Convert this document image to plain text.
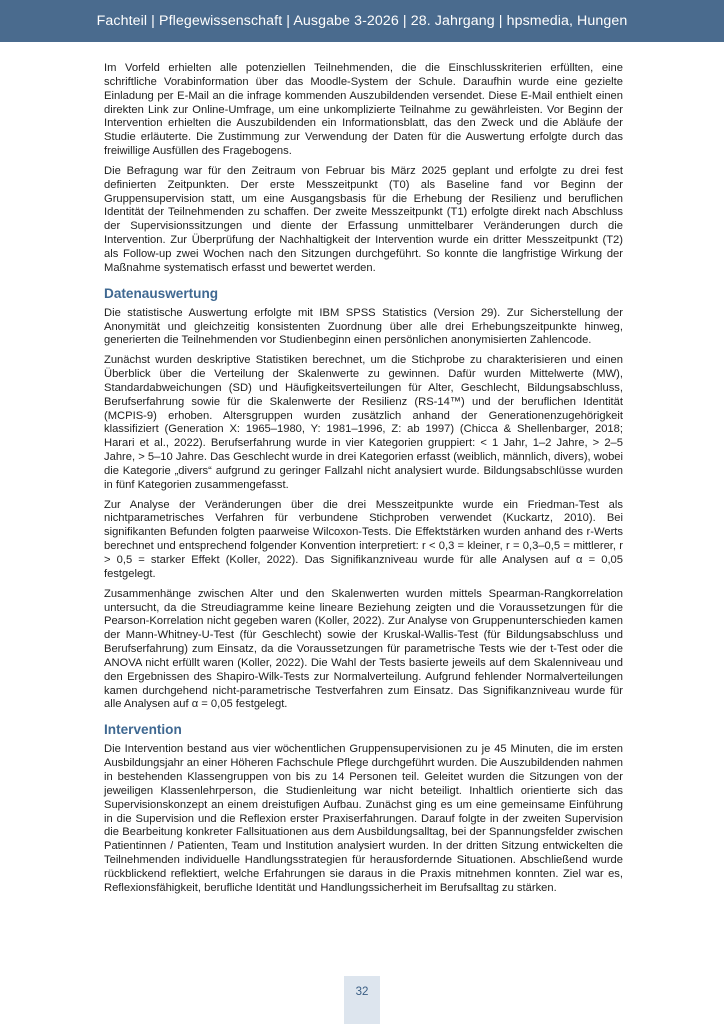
Fachteil | Pflegewissenschaft | Ausgabe 3-2026 | 28. Jahrgang | hpsmedia, Hungen

Im Vorfeld erhielten alle potenziellen Teilnehmenden, die die Einschlusskriterien erfüllten, eine schriftliche Vorabinformation über das Moodle-System der Schule. Daraufhin wurde eine gezielte Einladung per E-Mail an die infrage kommenden Auszubildenden versendet. Diese E-Mail enthielt einen direkten Link zur Online-Umfrage, um eine unkomplizierte Teilnahme zu gewährleisten. Vor Beginn der Intervention erhielten die Auszubildenden ein Informationsblatt, das den Zweck und die Abläufe der Studie erläuterte. Die Zustimmung zur Verwendung der Daten für die Auswertung erfolgte durch das freiwillige Ausfüllen des Fragebogens.

Die Befragung war für den Zeitraum von Februar bis März 2025 geplant und erfolgte zu drei fest definierten Zeitpunkten. Der erste Messzeitpunkt (T0) als Baseline fand vor Beginn der Gruppensupervision statt, um eine Ausgangsbasis für die Erhebung der Resilienz und beruflichen Identität der Teilnehmenden zu schaffen. Der zweite Messzeitpunkt (T1) erfolgte direkt nach Abschluss der Supervisionssitzungen und diente der Erfassung unmittelbarer Veränderungen durch die Intervention. Zur Überprüfung der Nachhaltigkeit der Intervention wurde ein dritter Messzeitpunkt (T2) als Follow-up zwei Wochen nach den Sitzungen durchgeführt. So konnte die langfristige Wirkung der Maßnahme systematisch erfasst und bewertet werden.

Datenauswertung

Die statistische Auswertung erfolgte mit IBM SPSS Statistics (Version 29). Zur Sicherstellung der Anonymität und gleichzeitig konsistenten Zuordnung über alle drei Erhebungszeitpunkte hinweg, generierten die Teilnehmenden vor Studienbeginn einen persönlichen anonymisierten Zahlencode.

Zunächst wurden deskriptive Statistiken berechnet, um die Stichprobe zu charakterisieren und einen Überblick über die Verteilung der Skalenwerte zu gewinnen. Dafür wurden Mittelwerte (MW), Standardabweichungen (SD) und Häufigkeitsverteilungen für Alter, Geschlecht, Bildungsabschluss, Berufserfahrung sowie für die Skalenwerte der Resilienz (RS-14™) und der beruflichen Identität (MCPIS-9) erhoben. Altersgruppen wurden zusätzlich anhand der Generationenzugehörigkeit klassifiziert (Generation X: 1965–1980, Y: 1981–1996, Z: ab 1997) (Chicca & Shellenbarger, 2018; Harari et al., 2022). Berufserfahrung wurde in vier Kategorien gruppiert: < 1 Jahr, 1–2 Jahre, > 2–5 Jahre, > 5–10 Jahre. Das Geschlecht wurde in drei Kategorien erfasst (weiblich, männlich, divers), wobei die Kategorie „divers“ aufgrund zu geringer Fallzahl nicht analysiert wurde. Bildungsabschlüsse wurden in fünf Kategorien zusammengefasst.

Zur Analyse der Veränderungen über die drei Messzeitpunkte wurde ein Friedman-Test als nichtparametrisches Verfahren für verbundene Stichproben verwendet (Kuckartz, 2010). Bei signifikanten Befunden folgten paarweise Wilcoxon-Tests. Die Effektstärken wurden anhand des r-Werts berechnet und entsprechend folgender Konvention interpretiert: r < 0,3 = kleiner, r = 0,3–0,5 = mittlerer, r > 0,5 = starker Effekt (Koller, 2022). Das Signifikanzniveau wurde für alle Analysen auf α = 0,05 festgelegt.

Zusammenhänge zwischen Alter und den Skalenwerten wurden mittels Spearman-Rangkorrelation untersucht, da die Streudiagramme keine lineare Beziehung zeigten und die Voraussetzungen für die Pearson-Korrelation nicht gegeben waren (Koller, 2022). Zur Analyse von Gruppenunterschieden kamen der Mann-Whitney-U-Test (für Geschlecht) sowie der Kruskal-Wallis-Test (für Bildungsabschluss und Berufserfahrung) zum Einsatz, da die Voraussetzungen für parametrische Tests wie der t-Test oder die ANOVA nicht erfüllt waren (Koller, 2022). Die Wahl der Tests basierte jeweils auf dem Skalenniveau und den Ergebnissen des Shapiro-Wilk-Tests zur Normalverteilung. Aufgrund fehlender Normalverteilungen kamen durchgehend nicht-parametrische Testverfahren zum Einsatz. Das Signifikanzniveau wurde für alle Analysen auf α = 0,05 festgelegt.

Intervention

Die Intervention bestand aus vier wöchentlichen Gruppensupervisionen zu je 45 Minuten, die im ersten Ausbildungsjahr an einer Höheren Fachschule Pflege durchgeführt wurden. Die Auszubildenden nahmen in bestehenden Klassengruppen von bis zu 14 Personen teil. Geleitet wurden die Sitzungen von der jeweiligen Klassenlehrperson, die Studienleitung war nicht beteiligt. Inhaltlich orientierte sich das Supervisionskonzept an einem dreistufigen Aufbau. Zunächst ging es um eine gemeinsame Einführung in die Supervision und die Reflexion erster Praxiserfahrungen. Darauf folgte in der zweiten Supervision die Bearbeitung konkreter Fallsituationen aus dem Ausbildungsalltag, bei der Spannungsfelder zwischen Patientinnen / Patienten, Team und Institution analysiert wurden. In der dritten Sitzung entwickelten die Teilnehmenden individuelle Handlungsstrategien für herausfordernde Situationen. Abschließend wurde rückblickend reflektiert, welche Erfahrungen sie daraus in die Praxis mitnehmen konnten. Ziel war es, Reflexionsfähigkeit, berufliche Identität und Handlungssicherheit im Berufsalltag zu stärken.

32
